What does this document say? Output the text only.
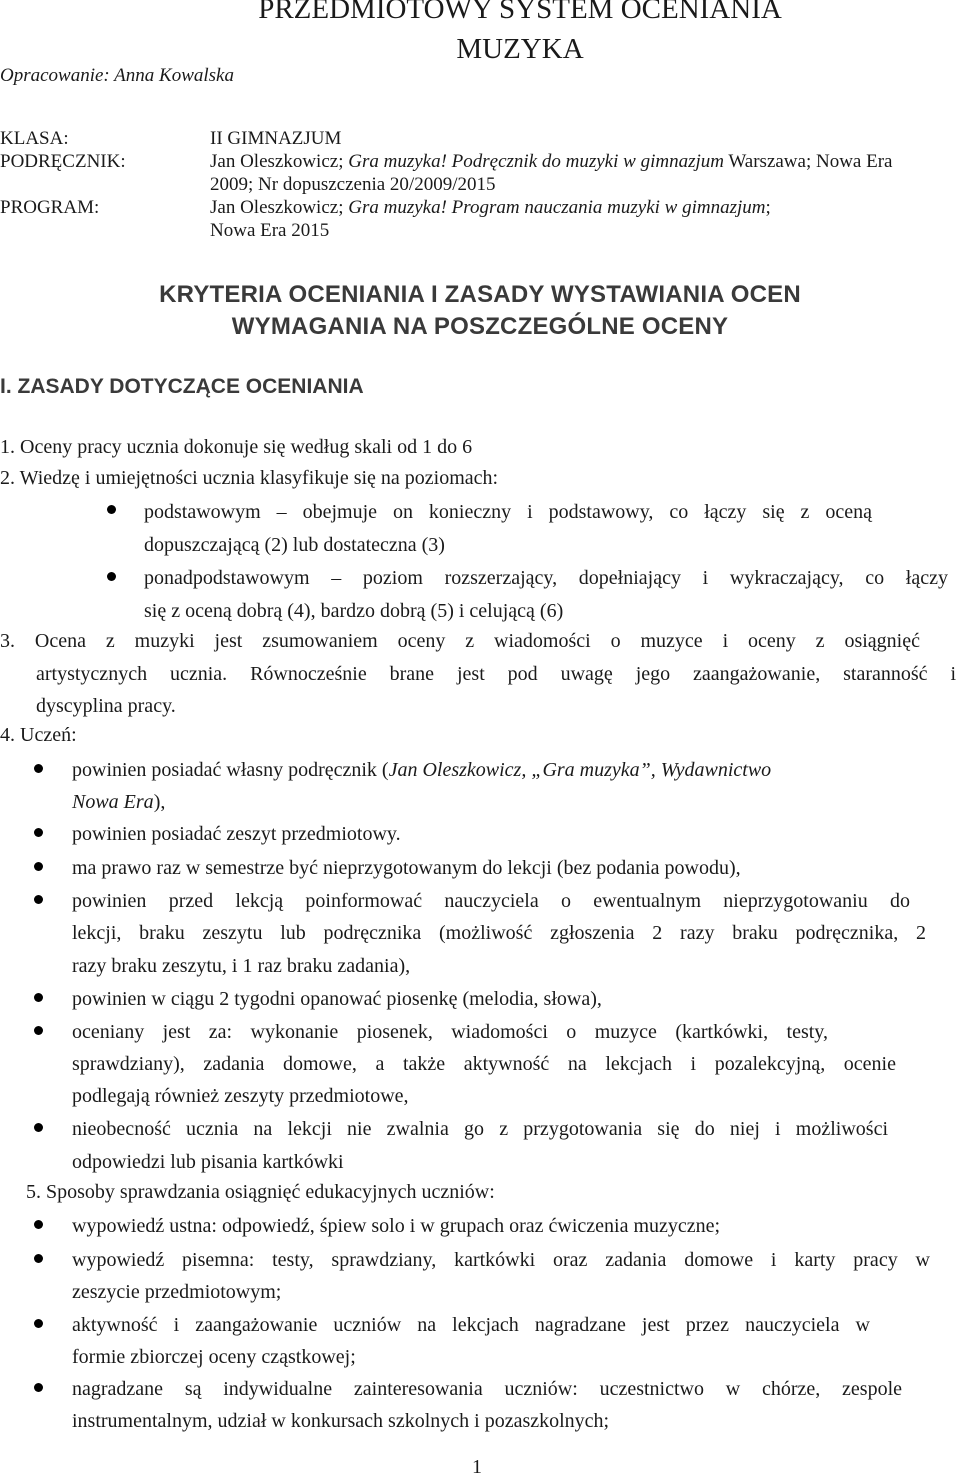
PRZEDMIOTOWY SYSTEM OCENIANIA
MUZYKA
Opracowanie: Anna Kowalska
KLASA:	II GIMNAZJUM
PODRĘCZNIK:	Jan Oleszkowicz; Gra muzyka! Podręcznik do muzyki w gimnazjum Warszawa; Nowa Era
2009; Nr dopuszczenia 20/2009/2015
PROGRAM:	Jan Oleszkowicz; Gra muzyka! Program nauczania muzyki w gimnazjum;
Nowa Era 2015
KRYTERIA OCENIANIA I ZASADY WYSTAWIANIA OCEN
WYMAGANIA NA POSZCZEGÓLNE OCENY
I. ZASADY DOTYCZĄCE OCENIANIA
1. Oceny pracy ucznia dokonuje się według skali od 1 do 6
2. Wiedzę i umiejętności ucznia klasyfikuje się na poziomach:
podstawowym – obejmuje on konieczny i podstawowy, co łączy się z oceną
dopuszczającą (2) lub dostateczna (3)
ponadpodstawowym – poziom rozszerzający, dopełniający i wykraczający, co łączy
się z oceną dobrą (4), bardzo dobrą (5) i celującą (6)
3. Ocena z muzyki jest zsumowaniem oceny z wiadomości o muzyce i oceny z osiągnięć
artystycznych ucznia. Równocześnie brane jest pod uwagę jego zaangażowanie, staranność i
dyscyplina pracy.
4. Uczeń:
powinien posiadać własny podręcznik (Jan Oleszkowicz, „Gra muzyka”, Wydawnictwo
Nowa Era),
powinien posiadać zeszyt przedmiotowy.
ma prawo raz w semestrze być nieprzygotowanym do lekcji (bez podania powodu),
powinien przed lekcją poinformować nauczyciela o ewentualnym nieprzygotowaniu do
lekcji, braku zeszytu lub podręcznika (możliwość zgłoszenia 2 razy braku podręcznika, 2
razy braku zeszytu, i 1 raz braku zadania),
powinien w ciągu 2 tygodni opanować piosenkę (melodia, słowa),
oceniany jest za: wykonanie piosenek, wiadomości o muzyce (kartkówki, testy,
sprawdziany), zadania domowe, a także aktywność na lekcjach i pozalekcyjną, ocenie
podlegają również zeszyty przedmiotowe,
nieobecność ucznia na lekcji nie zwalnia go z przygotowania się do niej i możliwości
odpowiedzi lub pisania kartkówki
5. Sposoby sprawdzania osiągnięć edukacyjnych uczniów:
wypowiedź ustna: odpowiedź, śpiew solo i w grupach oraz ćwiczenia muzyczne;
wypowiedź pisemna: testy, sprawdziany, kartkówki oraz zadania domowe i karty pracy w
zeszycie przedmiotowym;
aktywność i zaangażowanie uczniów na lekcjach nagradzane jest przez nauczyciela w
formie zbiorczej oceny cząstkowej;
nagradzane są indywidualne zainteresowania uczniów: uczestnictwo w chórze, zespole
instrumentalnym, udział w konkursach szkolnych i pozaszkolnych;
1
